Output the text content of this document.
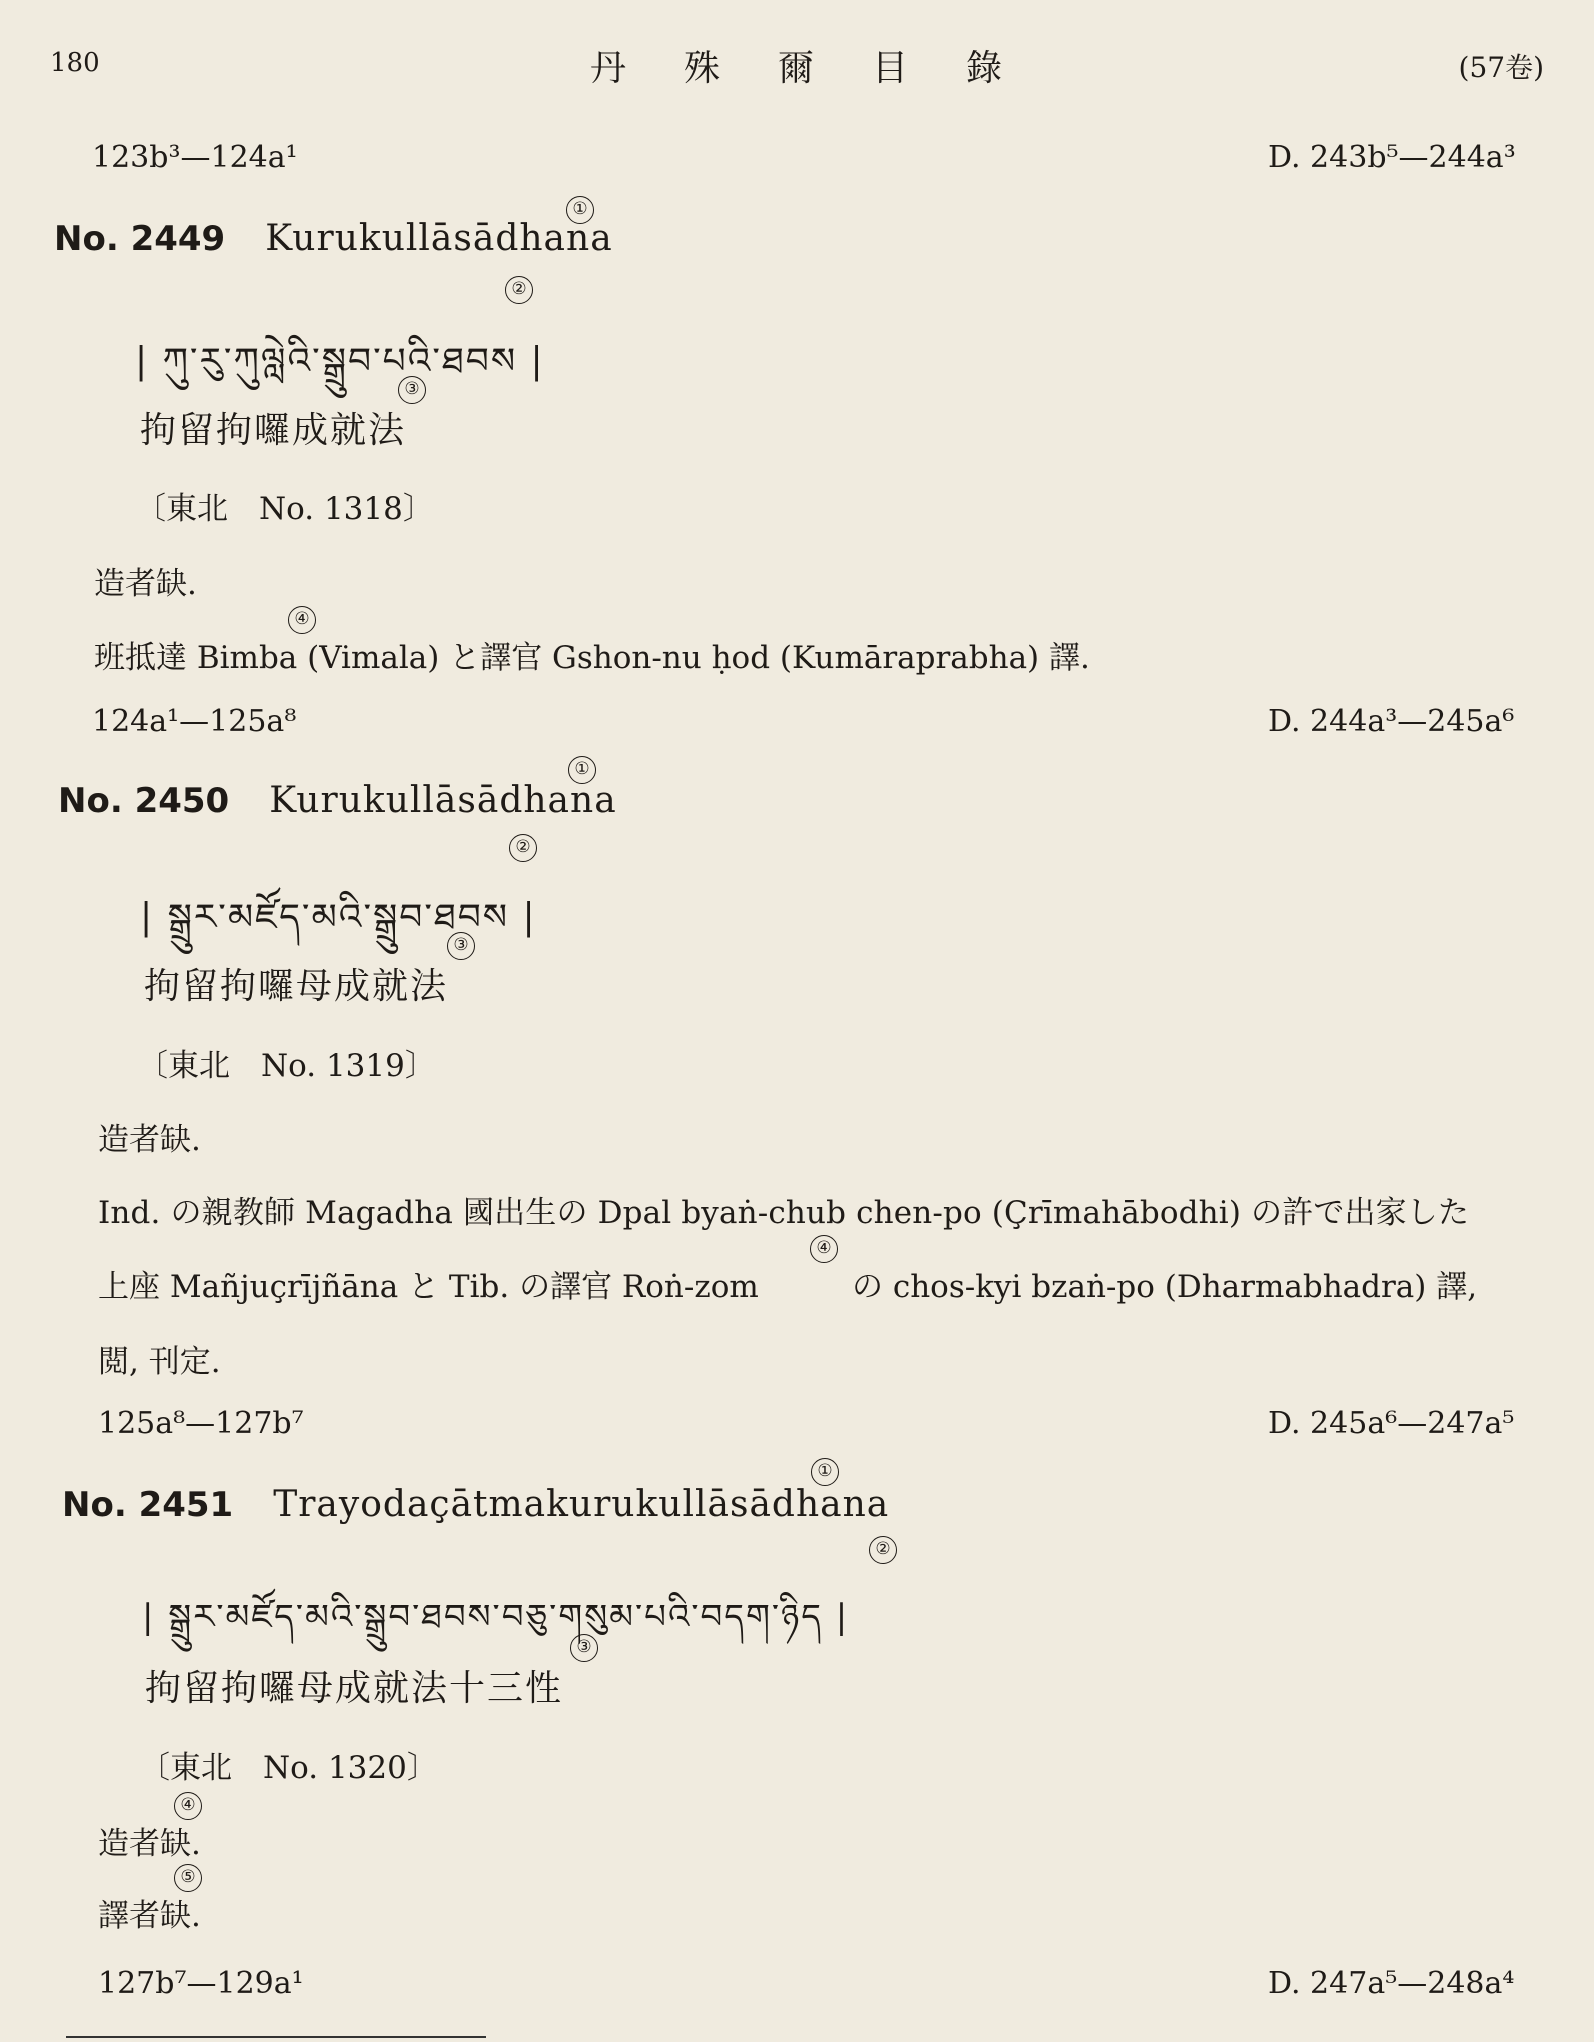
180	丹殊爾目錄	(57卷)
123b³—124a¹	D. 243b⁵—244a³
①
No. 2449 Kurukullāsādhana
②
| ཀུ་རུ་ཀུལླེའི་སྒྲུབ་པའི་ཐབས |
③
拘留拘囉成就法
〔東北　No. 1318〕
造者缺.
④
班抵達 Bimba (Vimala) と譯官 Gshon-nu ḥod (Kumāraprabha) 譯.
124a¹—125a⁸	D. 244a³—245a⁶
①
No. 2450 Kurukullāsādhana
②
| སྒྲུར་མཛོད་མའི་སྒྲུབ་ཐབས |
③
拘留拘囉母成就法
〔東北　No. 1319〕
造者缺.
Ind. の親教師 Magadha 國出生の Dpal byaṅ-chub chen-po (Çrīmahābodhi) の許で出家した
④
上座 Mañjuçrījñāna と Tib. の譯官 Roṅ-zom	の chos-kyi bzaṅ-po (Dharmabhadra) 譯,
閲, 刊定.
125a⁸—127b⁷	D. 245a⁶—247a⁵
①
No. 2451 Trayodaçātmakurukullāsādhana
②
| སྒྲུར་མཛོད་མའི་སྒྲུབ་ཐབས་བཅུ་གསུམ་པའི་བདག་ཉིད |
③
拘留拘囉母成就法十三性
〔東北　No. 1320〕
④
造者缺.
⑤
譯者缺.
127b⁷—129a¹	D. 247a⁵—248a⁴
